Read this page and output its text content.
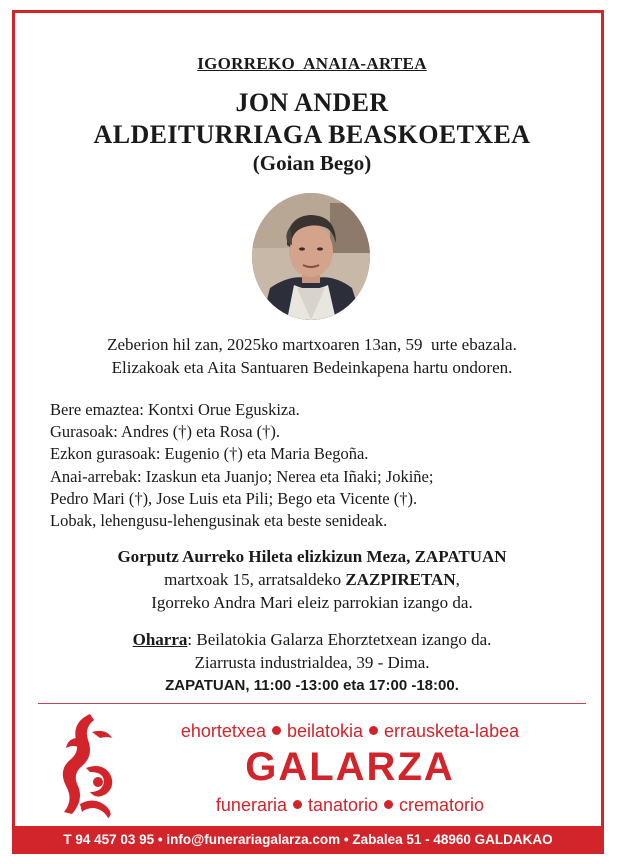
IGORREKO  ANAIA-ARTEA
JON ANDER
ALDEITURRIAGA BEASKOETXEA
(Goian Bego)
Zeberion hil zan, 2025ko martxoaren 13an, 59  urte ebazala.
Elizakoak eta Aita Santuaren Bedeinkapena hartu ondoren.
Bere emaztea: Kontxi Orue Eguskiza.
Gurasoak: Andres (†) eta Rosa (†).
Ezkon gurasoak: Eugenio (†) eta Maria Begoña.
Anai-arrebak: Izaskun eta Juanjo; Nerea eta Iñaki; Jokiñe;
Pedro Mari (†), Jose Luis eta Pili; Bego eta Vicente (†).
Lobak, lehengusu-lehengusinak eta beste senideak.
Gorputz Aurreko Hileta elizkizun Meza, ZAPATUAN
martxoak 15, arratsaldeko ZAZPIRETAN,
Igorreko Andra Mari eleiz parrokian izango da.
Oharra: Beilatokia Galarza Ehorztetxean izango da.
Ziarrusta industrialdea, 39 - Dima.
ZAPATUAN, 11:00 -13:00 eta 17:00 -18:00.
ehortetxea beilatokia errausketa-labea
GALARZA
funeraria tanatorio crematorio
T 94 457 03 95 • info@funerariagalarza.com • Zabalea 51 - 48960 GALDAKAO
